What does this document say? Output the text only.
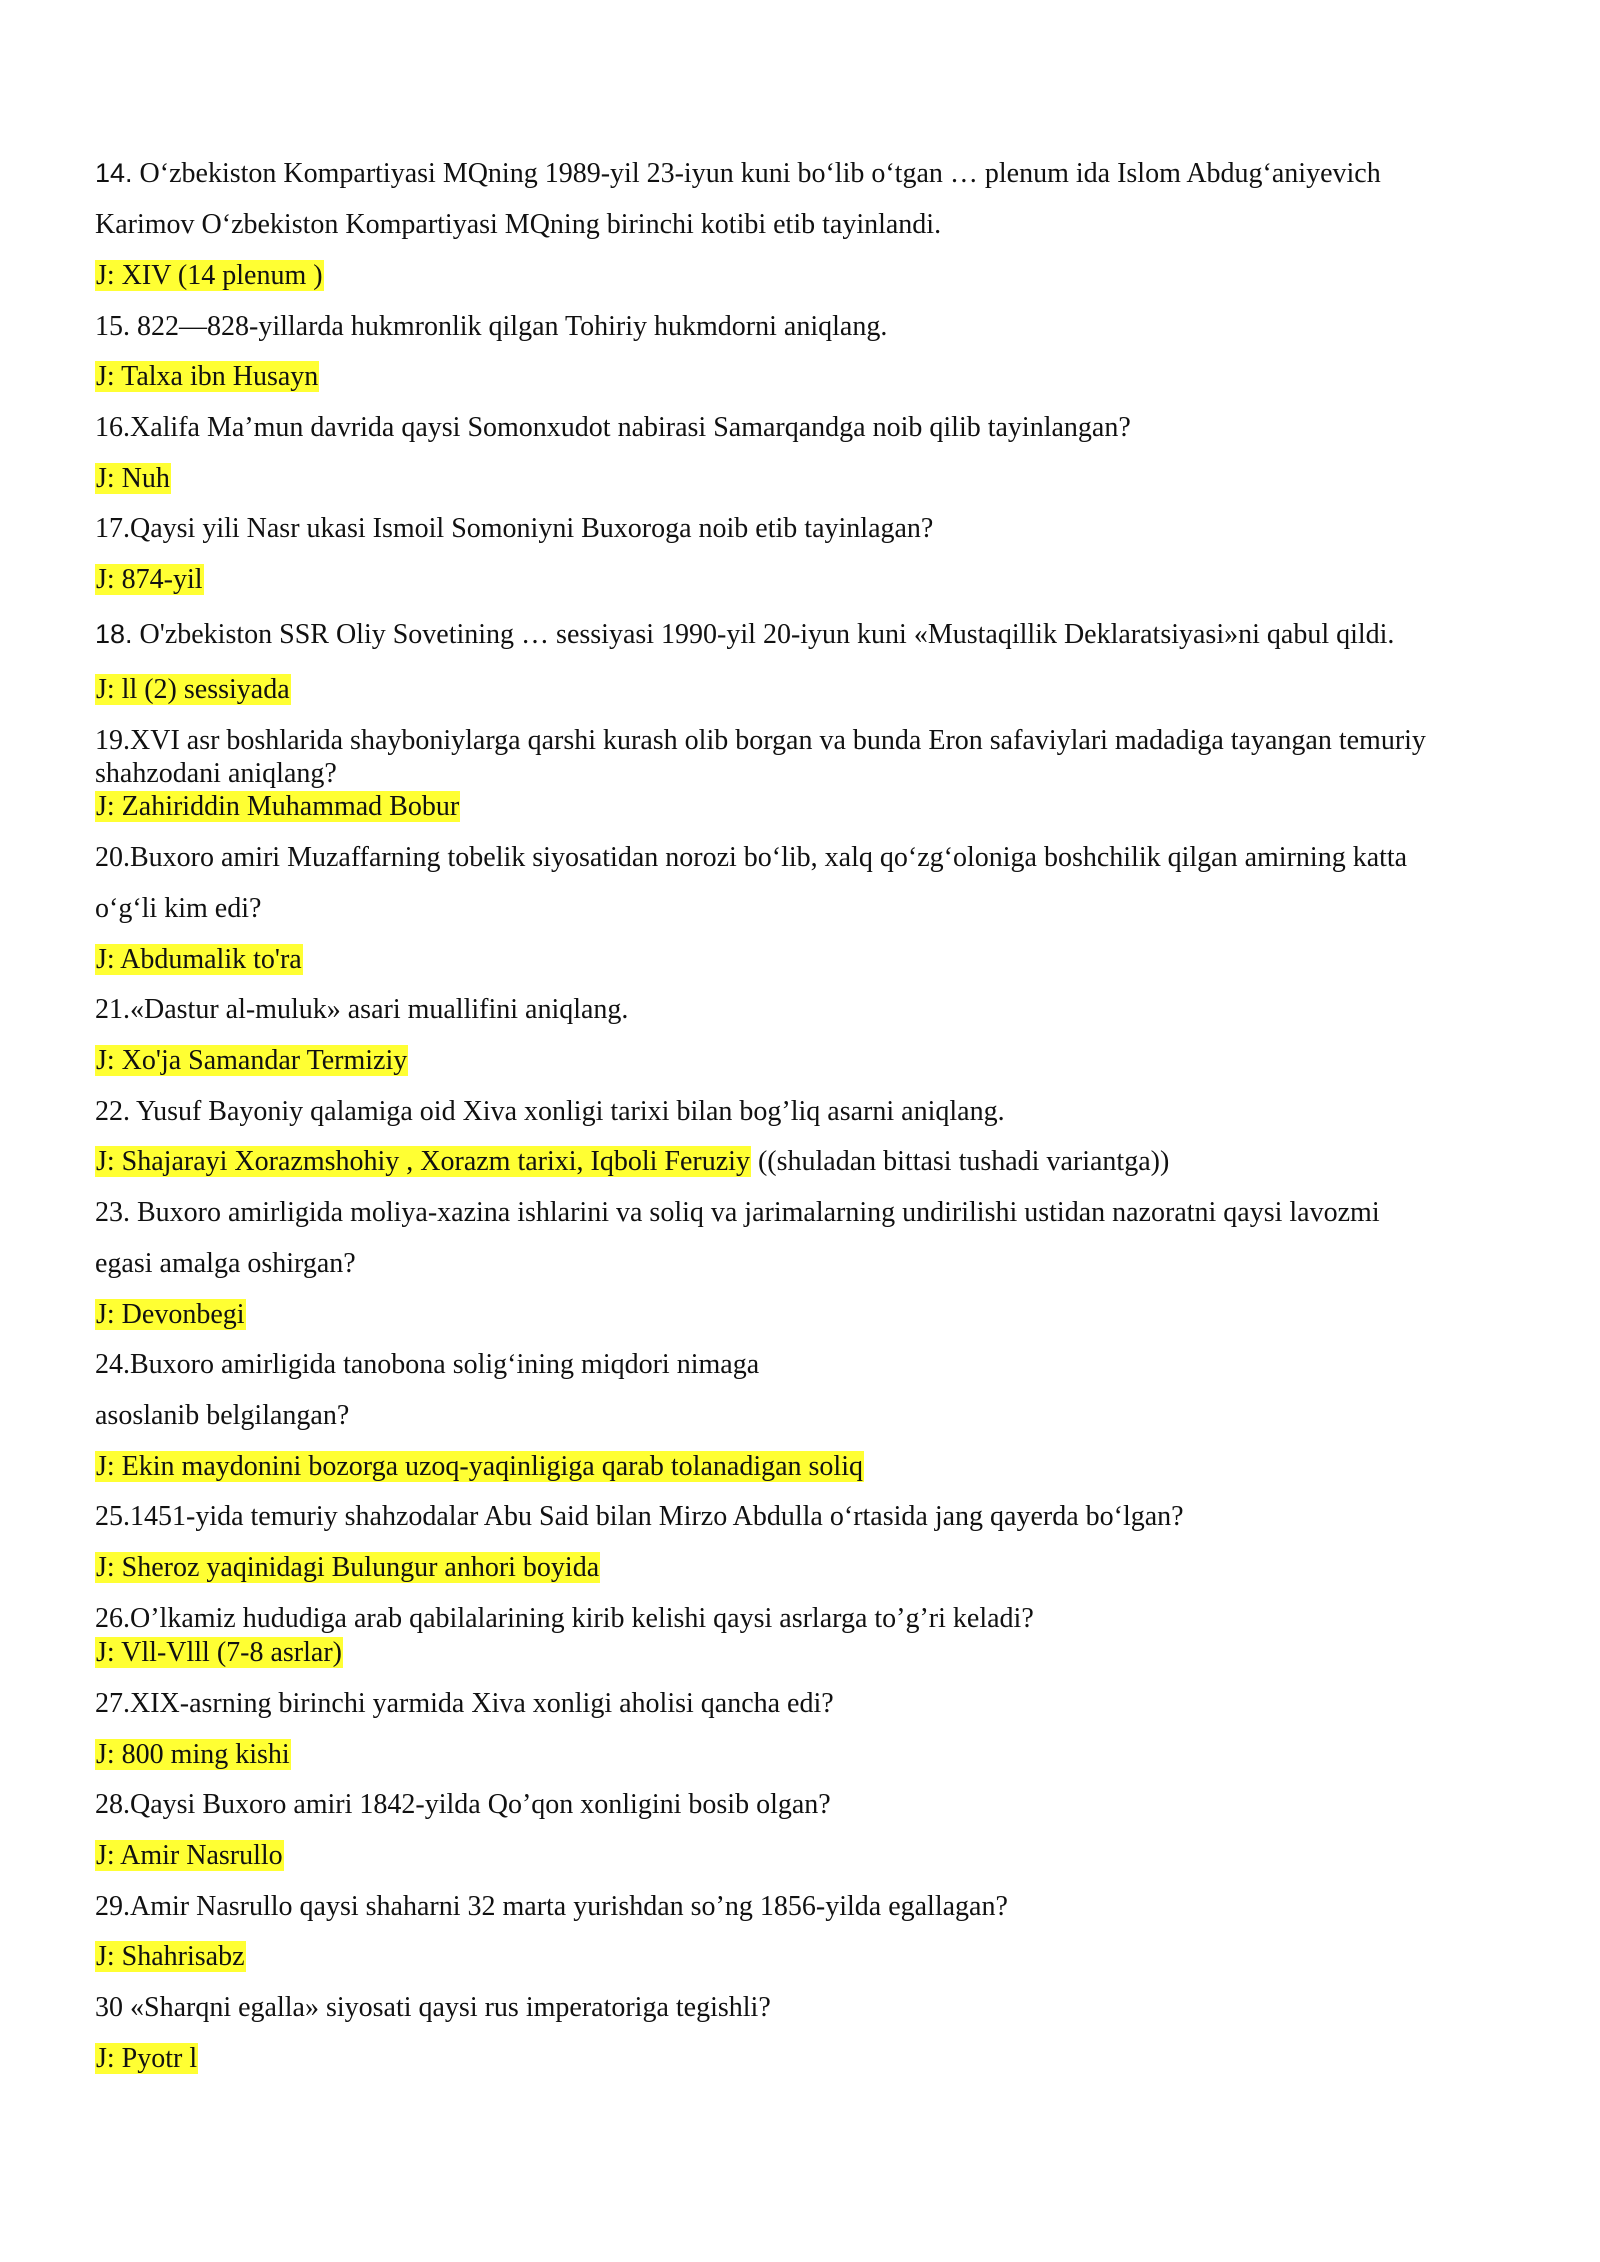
14. O‘zbekiston Kompartiyasi MQning 1989-yil 23-iyun kuni bo‘lib o‘tgan … plenum ida Islom Abdug‘aniyevich
Karimov O‘zbekiston Kompartiyasi MQning birinchi kotibi etib tayinlandi.
J: XIV (14 plenum )
15. 822—828-yillarda hukmronlik qilgan Tohiriy hukmdorni aniqlang.
J: Talxa ibn Husayn
16.Xalifa Ma’mun davrida qaysi Somonxudot nabirasi Samarqandga noib qilib tayinlangan?
J: Nuh
17.Qaysi yili Nasr ukasi Ismoil Somoniyni Buxoroga noib etib tayinlagan?
J: 874-yil
18. O'zbekiston SSR Oliy Sovetining … sessiyasi 1990-yil 20-iyun kuni «Mustaqillik Deklaratsiyasi»ni qabul qildi.
J: ll (2) sessiyada
19.XVI asr boshlarida shayboniylarga qarshi kurash olib borgan va bunda Eron safaviylari madadiga tayangan temuriy
shahzodani aniqlang?
J: Zahiriddin Muhammad Bobur
20.Buxoro amiri Muzaffarning tobelik siyosatidan norozi bo‘lib, xalq qo‘zg‘oloniga boshchilik qilgan amirning katta
o‘g‘li kim edi?
J: Abdumalik to'ra
21.«Dastur al-muluk» asari muallifini aniqlang.
J: Xo'ja Samandar Termiziy
22. Yusuf Bayoniy qalamiga oid Xiva xonligi tarixi bilan bog’liq asarni aniqlang.
J: Shajarayi Xorazmshohiy , Xorazm tarixi, Iqboli Feruziy ((shuladan bittasi tushadi variantga))
23. Buxoro amirligida moliya-xazina ishlarini va soliq va jarimalarning undirilishi ustidan nazoratni qaysi lavozmi
egasi amalga oshirgan?
J: Devonbegi
24.Buxoro amirligida tanobona solig‘ining miqdori nimaga
asoslanib belgilangan?
J: Ekin maydonini bozorga uzoq-yaqinligiga qarab tolanadigan soliq
25.1451-yida temuriy shahzodalar Abu Said bilan Mirzo Abdulla o‘rtasida jang qayerda bo‘lgan?
J: Sheroz yaqinidagi Bulungur anhori boyida
26.O’lkamiz hududiga arab qabilalarining kirib kelishi qaysi asrlarga to’g’ri keladi?
J: Vll-Vlll (7-8 asrlar)
27.XIX-asrning birinchi yarmida Xiva xonligi aholisi qancha edi?
J: 800 ming kishi
28.Qaysi Buxoro amiri 1842-yilda Qo’qon xonligini bosib olgan?
J: Amir Nasrullo
29.Amir Nasrullo qaysi shaharni 32 marta yurishdan so’ng 1856-yilda egallagan?
J: Shahrisabz
30 «Sharqni egalla» siyosati qaysi rus imperatoriga tegishli?
J: Pyotr l
